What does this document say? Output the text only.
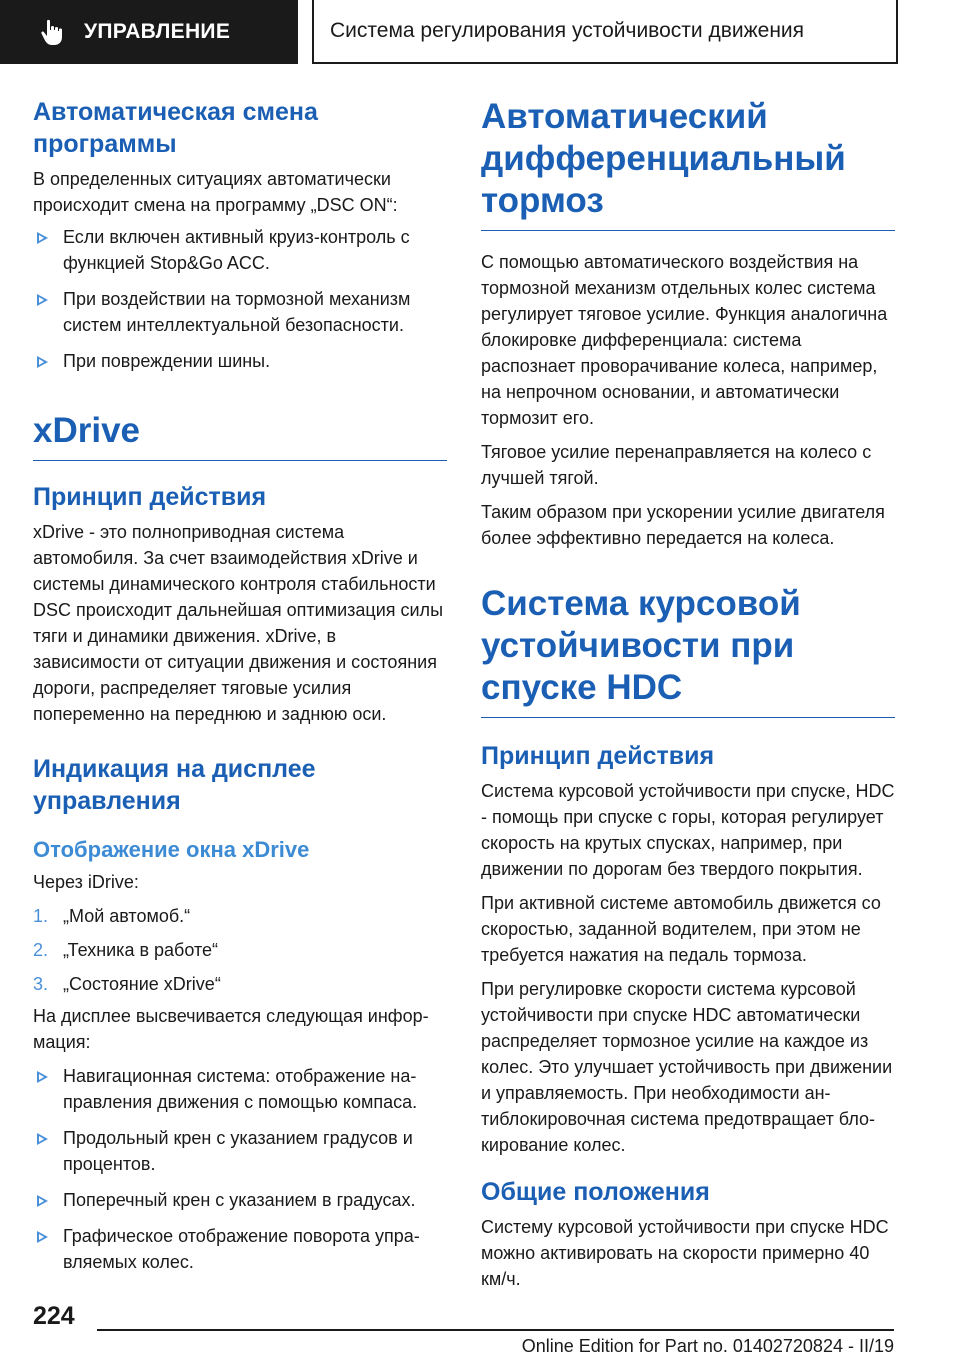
УПРАВЛЕНИЕ	Система регулирования устойчивости движения
Автоматическая смена программы

В определенных ситуациях автоматически происходит смена на программу „DSC ON“:

Если включен активный круиз-контроль с функцией Stop&Go ACC.
При воздействии на тормозной механизм систем интеллектуальной безопасности.
При повреждении шины.
xDrive
Принцип действия

xDrive - это полноприводная система автомобиля. За счет взаимодействия xDrive и системы динамического контроля стабильности DSC происходит дальнейшая оптимизация силы тяги и динамики движения. xDrive, в зависимости от ситуации движения и состояния дороги, распределяет тяговые усилия попеременно на переднюю и заднюю оси.

Индикация на дисплее управления
Отображение окна xDrive

Через iDrive:

1. „Мой автомоб.“
2. „Техника в работе“
3. „Состояние xDrive“

На дисплее высвечивается следующая информация:

Навигационная система: отображение направления движения с помощью компаса.
Продольный крен с указанием градусов и процентов.
Поперечный крен с указанием в градусах.
Графическое отображение поворота управляемых колес.
Автоматический дифференциальный тормоз

С помощью автоматического воздействия на тормозной механизм отдельных колес система регулирует тяговое усилие. Функция аналогична блокировке дифференциала: система распознает проворачивание колеса, например, на непрочном основании, и автоматически тормозит его.

Тяговое усилие перенаправляется на колесо с лучшей тягой.

Таким образом при ускорении усилие двигателя более эффективно передается на колеса.

Система курсовой устойчивости при спуске HDC
Принцип действия

Система курсовой устойчивости при спуске, HDC - помощь при спуске с горы, которая регулирует скорость на крутых спусках, например, при движении по дорогам без твердого покрытия.

При активной системе автомобиль движется со скоростью, заданной водителем, при этом не требуется нажатия на педаль тормоза.

При регулировке скорости система курсовой устойчивости при спуске HDC автоматически распределяет тормозное усилие на каждое из колес. Это улучшает устойчивость при движении и управляемость. При необходимости антиблокировочная система предотвращает блокирование колес.

Общие положения

Систему курсовой устойчивости при спуске HDC можно активировать на скорости примерно 40 км/ч.

224
Online Edition for Part no. 01402720824 - II/19
